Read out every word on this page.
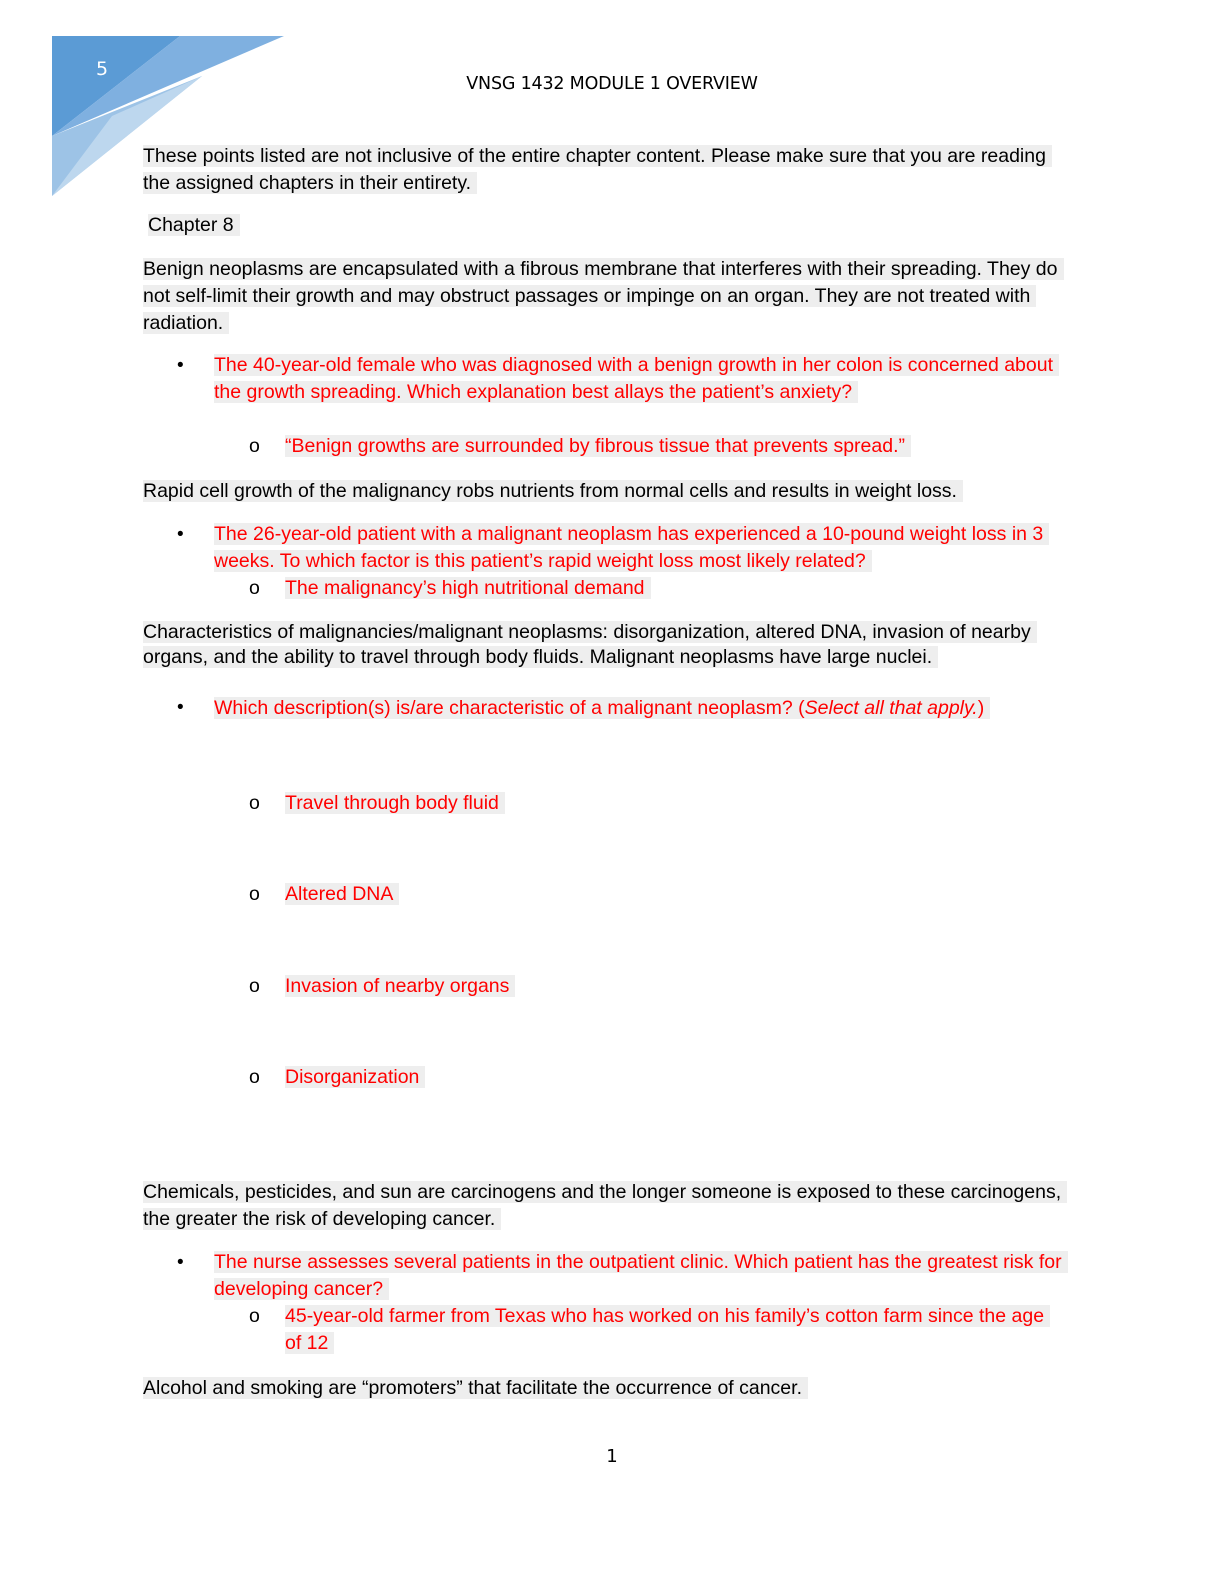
5
VNSG 1432 MODULE 1 OVERVIEW
These points listed are not inclusive of the entire chapter content. Please make sure that you are reading the assigned chapters in their entirety.
Chapter 8
Benign neoplasms are encapsulated with a fibrous membrane that interferes with their spreading. They do not self-limit their growth and may obstruct passages or impinge on an organ. They are not treated with radiation.
• The 40-year-old female who was diagnosed with a benign growth in her colon is concerned about the growth spreading. Which explanation best allays the patient’s anxiety?
o “Benign growths are surrounded by fibrous tissue that prevents spread.”
Rapid cell growth of the malignancy robs nutrients from normal cells and results in weight loss.
• The 26-year-old patient with a malignant neoplasm has experienced a 10-pound weight loss in 3 weeks. To which factor is this patient’s rapid weight loss most likely related?
o The malignancy’s high nutritional demand
Characteristics of malignancies/malignant neoplasms: disorganization, altered DNA, invasion of nearby organs, and the ability to travel through body fluids. Malignant neoplasms have large nuclei.
• Which description(s) is/are characteristic of a malignant neoplasm? (Select all that apply.)
o Travel through body fluid
o Altered DNA
o Invasion of nearby organs
o Disorganization
Chemicals, pesticides, and sun are carcinogens and the longer someone is exposed to these carcinogens, the greater the risk of developing cancer.
• The nurse assesses several patients in the outpatient clinic. Which patient has the greatest risk for developing cancer?
o 45-year-old farmer from Texas who has worked on his family’s cotton farm since the age of 12
Alcohol and smoking are “promoters” that facilitate the occurrence of cancer.
1
